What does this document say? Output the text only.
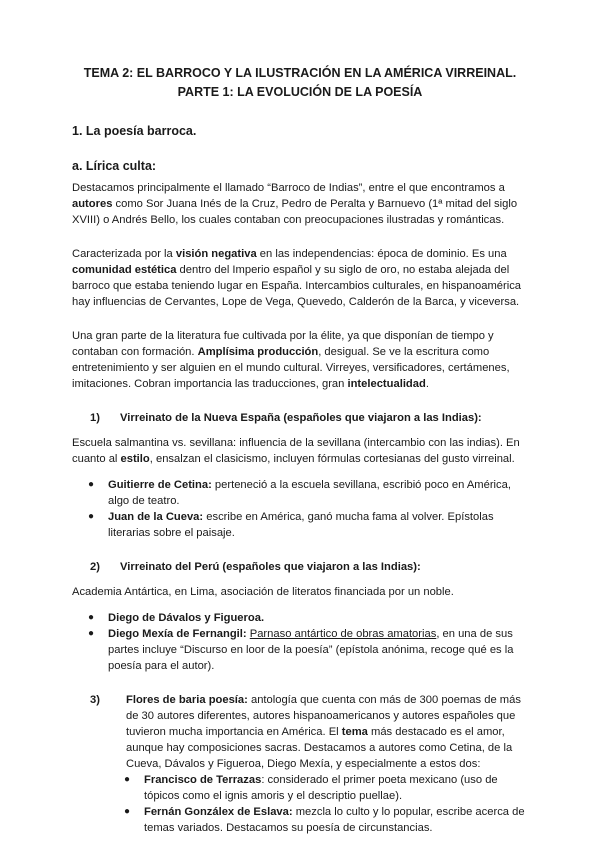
TEMA 2: EL BARROCO Y LA ILUSTRACIÓN EN LA AMÉRICA VIRREINAL.
PARTE 1: LA EVOLUCIÓN DE LA POESÍA
1. La poesía barroca.
a. Lírica culta:

Destacamos principalmente el llamado “Barroco de Indias”, entre el que encontramos a autores como Sor Juana Inés de la Cruz, Pedro de Peralta y Barnuevo (1ª mitad del siglo XVIII) o Andrés Bello, los cuales contaban con preocupaciones ilustradas y románticas.

Caracterizada por la visión negativa en las independencias: época de dominio. Es una comunidad estética dentro del Imperio español y su siglo de oro, no estaba alejada del barroco que estaba teniendo lugar en España. Intercambios culturales, en hispanoamérica hay influencias de Cervantes, Lope de Vega, Quevedo, Calderón de la Barca, y viceversa.

Una gran parte de la literatura fue cultivada por la élite, ya que disponían de tiempo y contaban con formación. Amplísima producción, desigual. Se ve la escritura como entretenimiento y ser alguien en el mundo cultural. Virreyes, versificadores, certámenes, imitaciones. Cobran importancia las traducciones, gran intelectualidad.

1)	Virreinato de la Nueva España (españoles que viajaron a las Indias):

Escuela salmantina vs. sevillana: influencia de la sevillana (intercambio con las indias). En cuanto al estilo, ensalzan el clasicismo, incluyen fórmulas cortesianas del gusto virreinal.

● Guitierre de Cetina: perteneció a la escuela sevillana, escribió poco en América, algo de teatro.
● Juan de la Cueva: escribe en América, ganó mucha fama al volver. Epístolas literarias sobre el paisaje.
2)	Virreinato del Perú (españoles que viajaron a las Indias):

Academia Antártica, en Lima, asociación de literatos financiada por un noble.

● Diego de Dávalos y Figueroa.
● Diego Mexía de Fernangil: Parnaso antártico de obras amatorias, en una de sus partes incluye “Discurso en loor de la poesía” (epístola anónima, recoge qué es la poesía para el autor).
3)	Flores de baria poesía: antología que cuenta con más de 300 poemas de más de 30 autores diferentes, autores hispanoamericanos y autores españoles que tuvieron mucha importancia en América. El tema más destacado es el amor, aunque hay composiciones sacras. Destacamos a autores como Cetina, de la Cueva, Dávalos y Figueroa, Diego Mexía, y especialmente a estos dos:
● Francisco de Terrazas: considerado el primer poeta mexicano (uso de tópicos como el ignis amoris y el descriptio puellae).
● Fernán Gonzálex de Eslava: mezcla lo culto y lo popular, escribe acerca de temas variados. Destacamos su poesía de circunstancias.
